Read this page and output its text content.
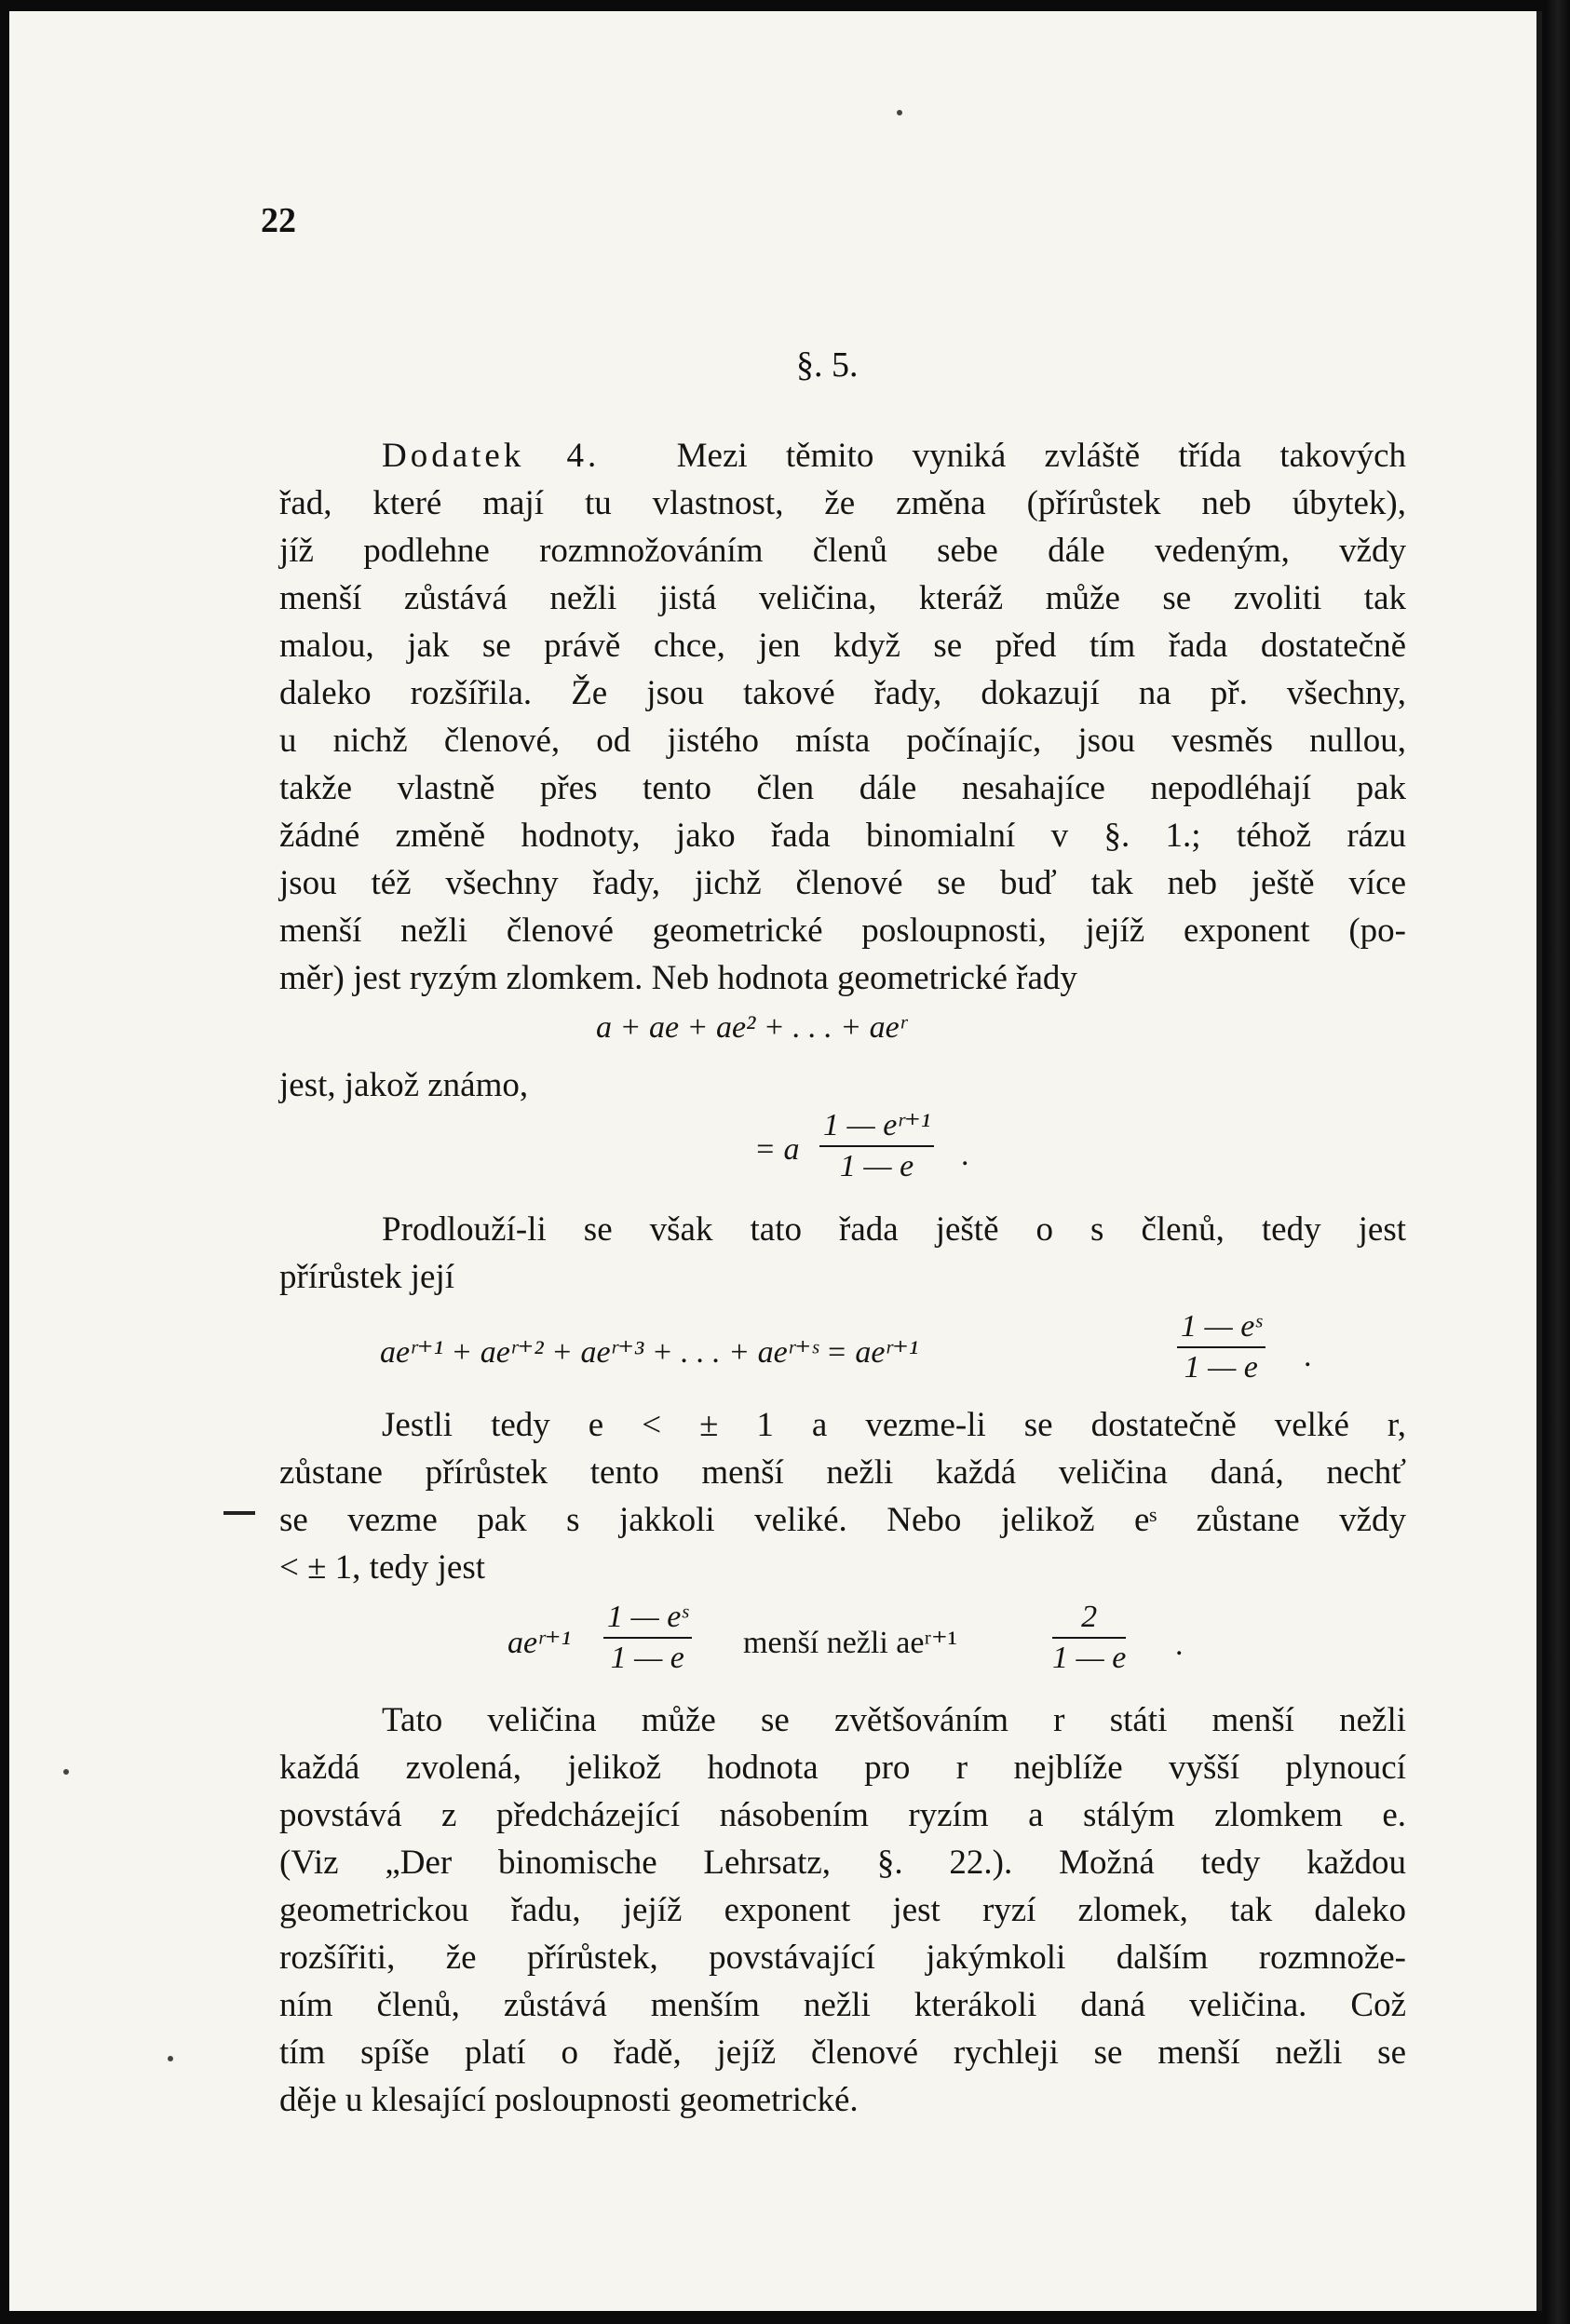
22
§. 5.
Dodatek 4. Mezi těmito vyniká zvláště třída takových
řad, které mají tu vlastnost, že změna (přírůstek neb úbytek),
jíž podlehne rozmnožováním členů sebe dále vedeným, vždy
menší zůstává nežli jistá veličina, kteráž může se zvoliti tak
malou, jak se právě chce, jen když se před tím řada dostatečně
daleko rozšířila. Že jsou takové řady, dokazují na př. všechny,
u nichž členové, od jistého místa počínajíc, jsou vesměs nullou,
takže vlastně přes tento člen dále nesahajíce nepodléhají pak
žádné změně hodnoty, jako řada binomialní v §. 1.; téhož rázu
jsou též všechny řady, jichž členové se buď tak neb ještě více
menší nežli členové geometrické posloupnosti, jejíž exponent (po-
měr) jest ryzým zlomkem. Neb hodnota geometrické řady
a + ae + ae² + . . . + aeʳ
jest, jakož známo,
= a $\frac{\text{1 — eʳ⁺¹}}{1 — e}$ .
Prodlouží-li se však tato řada ještě o s členů, tedy jest
přírůstek její
aeʳ⁺¹ + aeʳ⁺² + aeʳ⁺³ + . . . + aeʳ⁺ˢ = aeʳ⁺¹	$\frac{\text{1 — eˢ}}{1 — e}$ .
Jestli tedy e < ± 1 a vezme-li se dostatečně velké r,
zůstane přírůstek tento menší nežli každá veličina daná, nechť
se vezme pak s jakkoli veliké. Nebo jelikož eˢ zůstane vždy
< ± 1, tedy jest
aeʳ⁺¹ $\frac{\text{1 — eˢ}}{1 — e}$ menší nežli aeʳ⁺¹	$\frac{2}{1 — e}$ .
Tato veličina může se zvětšováním r státi menší nežli
každá zvolená, jelikož hodnota pro r nejblíže vyšší plynoucí
povstává z předcházející násobením ryzím a stálým zlomkem e.
(Viz „Der binomische Lehrsatz, §. 22.). Možná tedy každou
geometrickou řadu, jejíž exponent jest ryzí zlomek, tak daleko
rozšířiti, že přírůstek, povstávající jakýmkoli dalším rozmnože-
ním členů, zůstává menším nežli kterákoli daná veličina. Což
tím spíše platí o řadě, jejíž členové rychleji se menší nežli se
děje u klesající posloupnosti geometrické.
